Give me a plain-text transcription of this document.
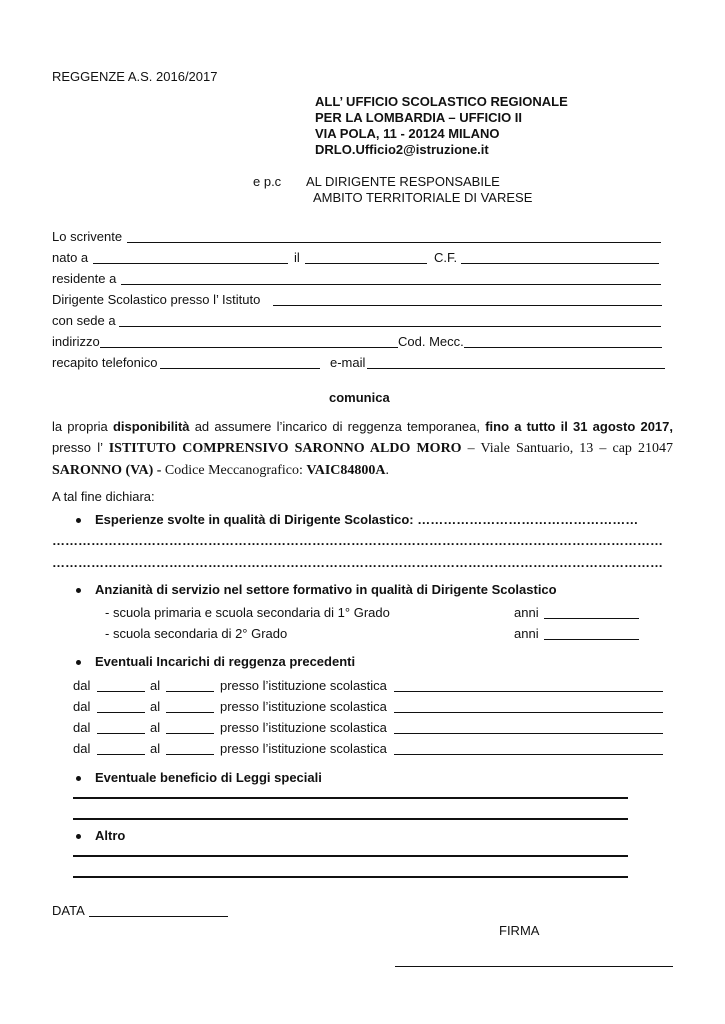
REGGENZE A.S. 2016/2017
ALL’ UFFICIO SCOLASTICO REGIONALE
PER LA LOMBARDIA – UFFICIO II
VIA POLA, 11 - 20124 MILANO
DRLO.Ufficio2@istruzione.it
e p.c AL DIRIGENTE RESPONSABILE
AMBITO TERRITORIALE DI VARESE
Lo scrivente
nato a	il	C.F.
residente a
Dirigente Scolastico presso l’ Istituto
con sede a
indirizzo	Cod. Mecc.
recapito telefonico	e-mail
comunica
la propria disponibilità ad assumere l’incarico di reggenza temporanea, fino a tutto il 31 agosto 2017, presso l’ ISTITUTO COMPRENSIVO SARONNO ALDO MORO – Viale Santuario, 13 – cap 21047 SARONNO (VA) - Codice Meccanografico: VAIC84800A.
A tal fine dichiara:
Esperienze svolte in qualità di Dirigente Scolastico: ……………………………………………
……………………………………………………………………………………………………………………………
……………………………………………………………………………………………………………………………
Anzianità di servizio nel settore formativo in qualità di Dirigente Scolastico
- scuola primaria e scuola secondaria di 1° Grado	anni
- scuola secondaria di 2° Grado	anni
Eventuali Incarichi di reggenza precedenti
dal	al	presso l’istituzione scolastica
dal	al	presso l’istituzione scolastica
dal	al	presso l’istituzione scolastica
dal	al	presso l’istituzione scolastica
Eventuale beneficio di Leggi speciali
Altro
DATA
FIRMA
